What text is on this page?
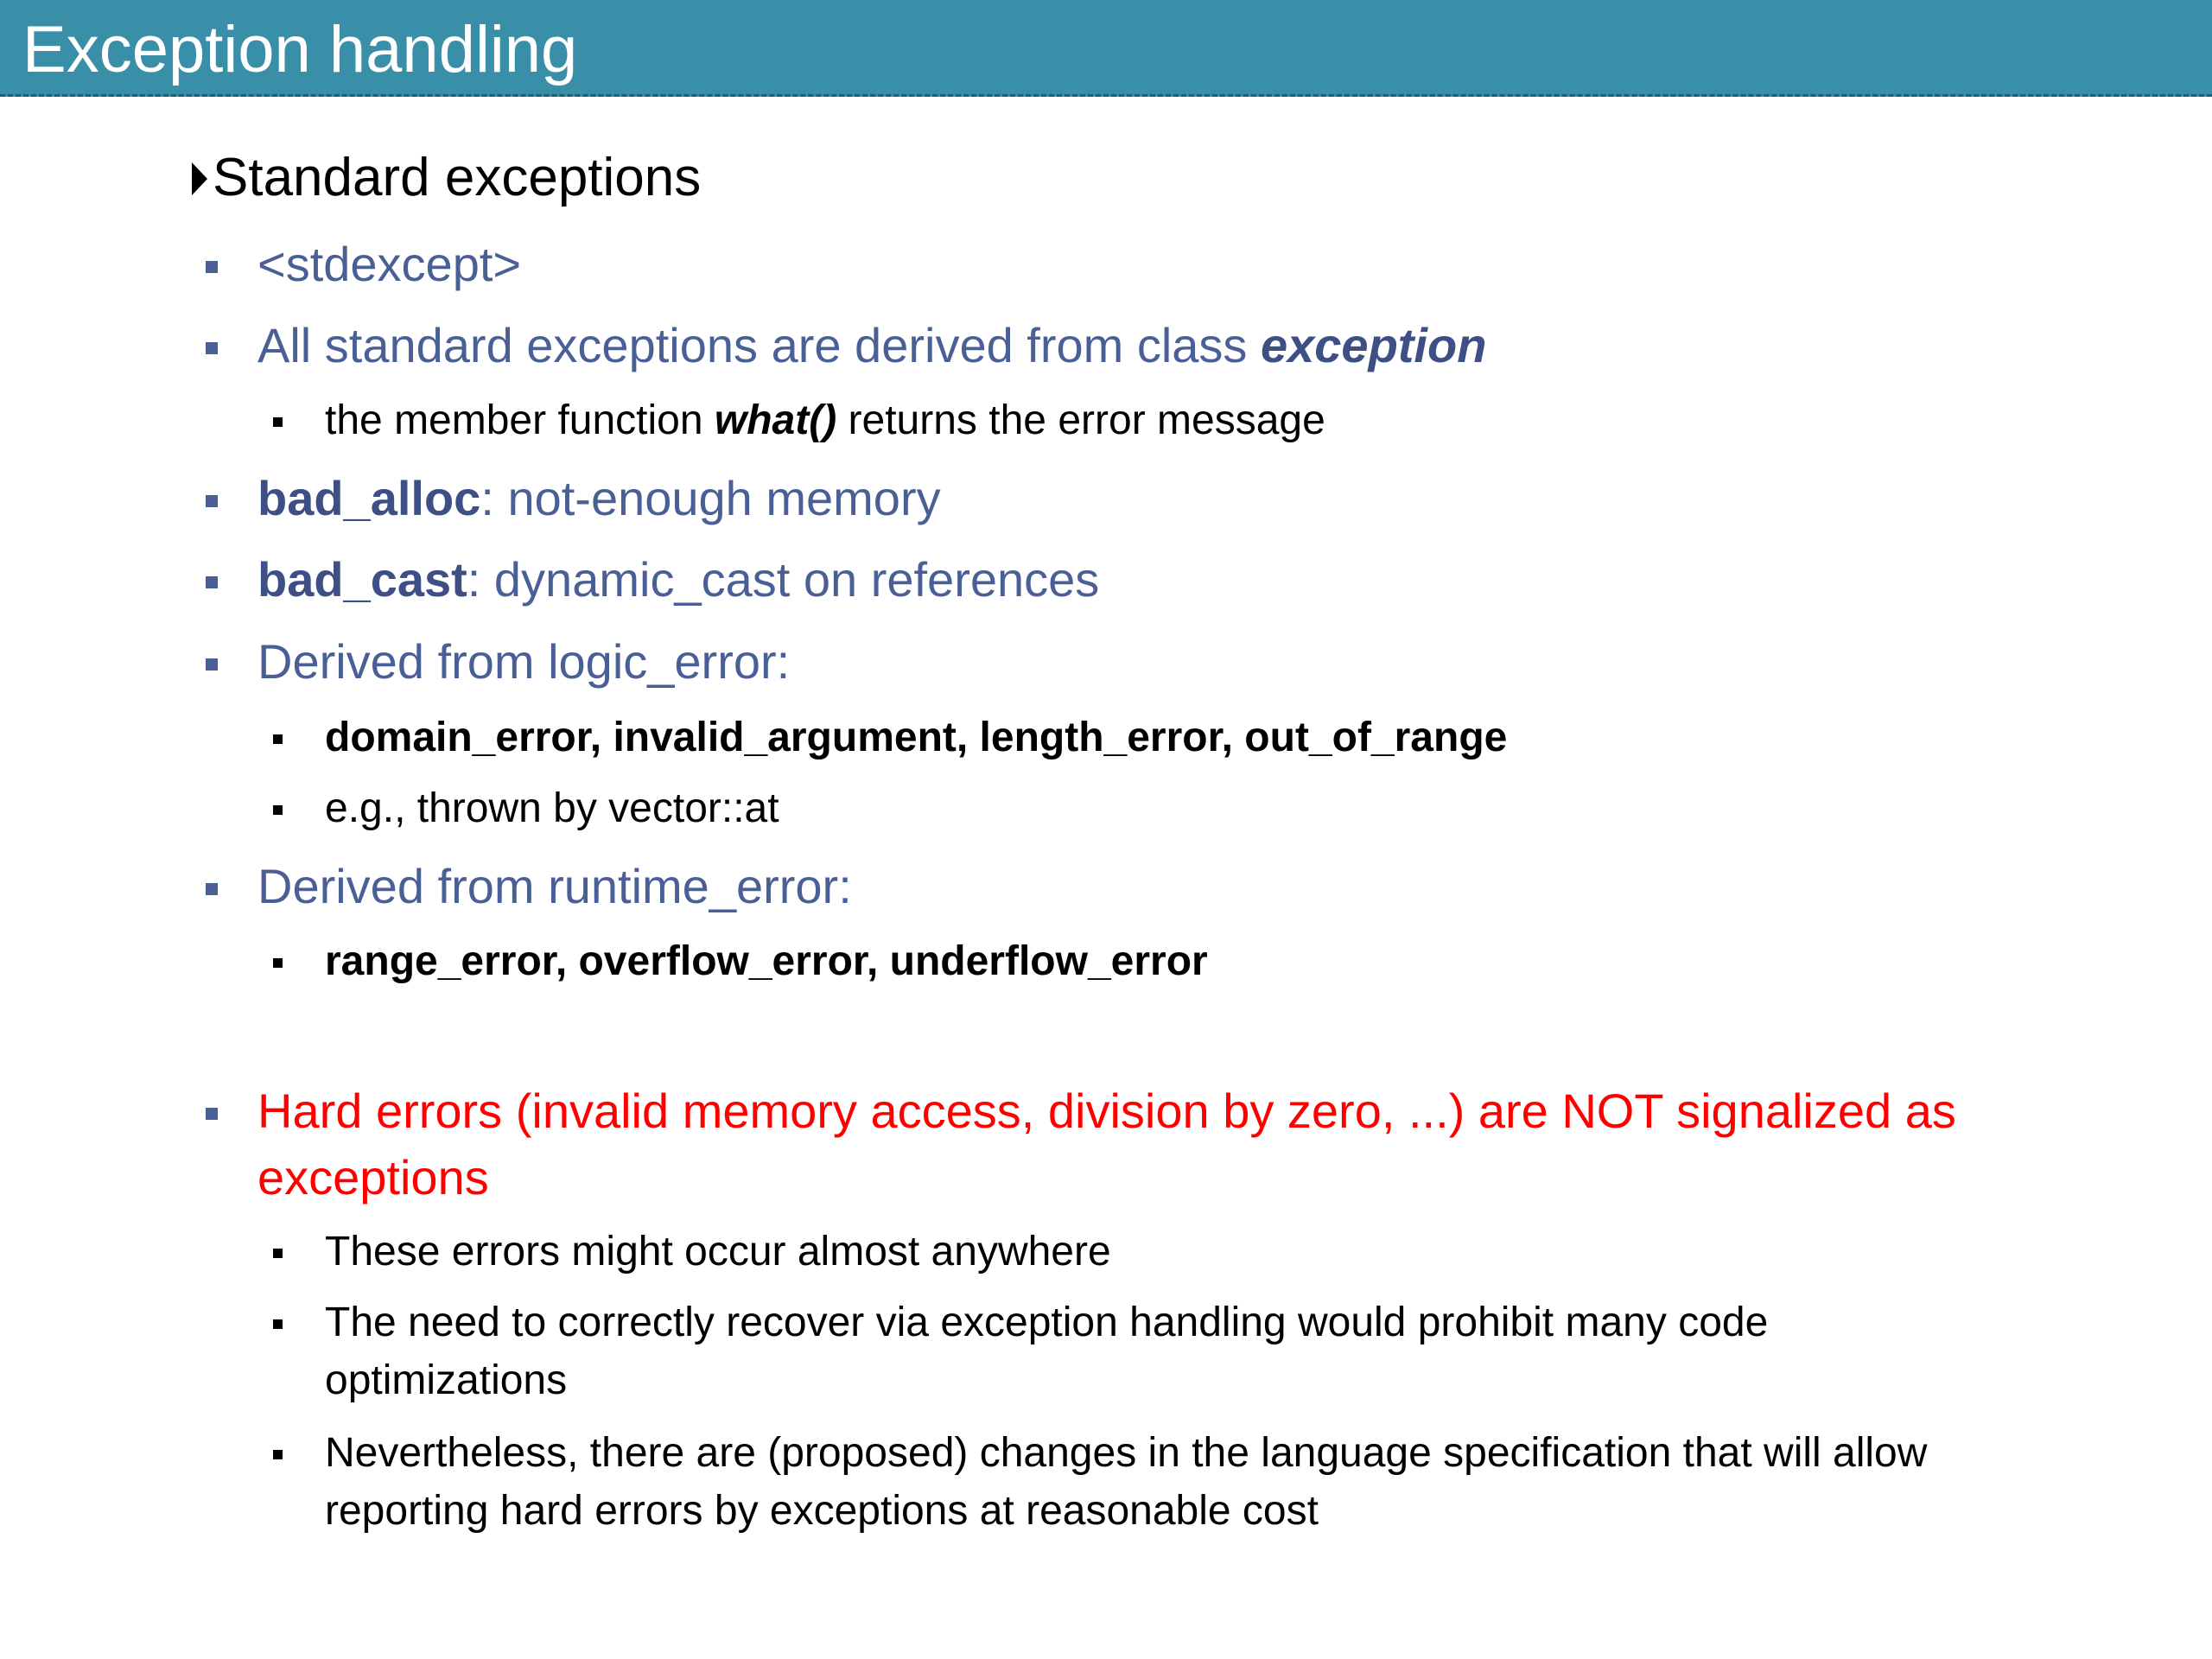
Exception handling
Standard exceptions
<stdexcept>
All standard exceptions are derived from class exception
the member function what() returns the error message
bad_alloc: not-enough memory
bad_cast: dynamic_cast on references
Derived from logic_error:
domain_error, invalid_argument, length_error, out_of_range
e.g., thrown by vector::at
Derived from runtime_error:
range_error, overflow_error, underflow_error
Hard errors (invalid memory access, division by zero, ...) are NOT signalized as
exceptions
These errors might occur almost anywhere
The need to correctly recover via exception handling would prohibit many code
optimizations
Nevertheless, there are (proposed) changes in the language specification that will allow
reporting hard errors by exceptions at reasonable cost
